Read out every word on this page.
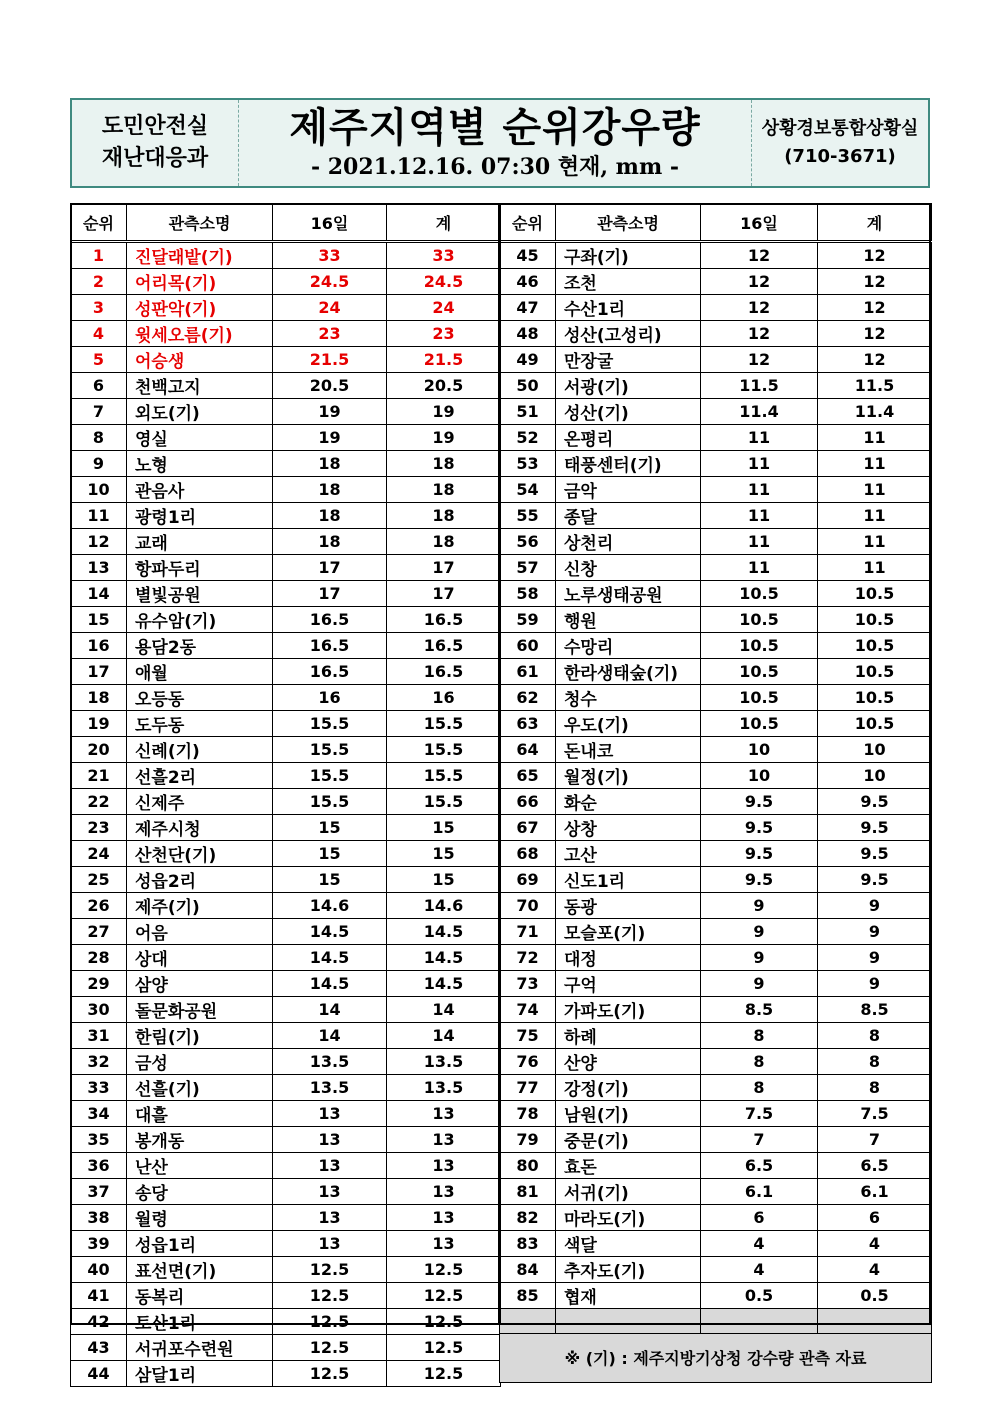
도민안전실
재난대응과
제주지역별 순위강우량
- 2021.12.16. 07:30 현재, mm -
상황경보통합상황실
(710-3671)
순위	관측소명	16일	계
1	진달래밭(기)	33	33
2	어리목(기)	24.5	24.5
3	성판악(기)	24	24
4	윗세오름(기)	23	23
5	어승생	21.5	21.5
6	천백고지	20.5	20.5
7	외도(기)	19	19
8	영실	19	19
9	노형	18	18
10	관음사	18	18
11	광령1리	18	18
12	교래	18	18
13	항파두리	17	17
14	별빛공원	17	17
15	유수암(기)	16.5	16.5
16	용담2동	16.5	16.5
17	애월	16.5	16.5
18	오등동	16	16
19	도두동	15.5	15.5
20	신례(기)	15.5	15.5
21	선흘2리	15.5	15.5
22	신제주	15.5	15.5
23	제주시청	15	15
24	산천단(기)	15	15
25	성읍2리	15	15
26	제주(기)	14.6	14.6
27	어음	14.5	14.5
28	상대	14.5	14.5
29	삼양	14.5	14.5
30	돌문화공원	14	14
31	한림(기)	14	14
32	금성	13.5	13.5
33	선흘(기)	13.5	13.5
34	대흘	13	13
35	봉개동	13	13
36	난산	13	13
37	송당	13	13
38	월령	13	13
39	성읍1리	13	13
40	표선면(기)	12.5	12.5
41	동복리	12.5	12.5
42	토산1리	12.5	12.5
43	서귀포수련원	12.5	12.5
44	삼달1리	12.5	12.5
순위	관측소명	16일	계
45	구좌(기)	12	12
46	조천	12	12
47	수산1리	12	12
48	성산(고성리)	12	12
49	만장굴	12	12
50	서광(기)	11.5	11.5
51	성산(기)	11.4	11.4
52	온평리	11	11
53	태풍센터(기)	11	11
54	금악	11	11
55	종달	11	11
56	상천리	11	11
57	신창	11	11
58	노루생태공원	10.5	10.5
59	행원	10.5	10.5
60	수망리	10.5	10.5
61	한라생태숲(기)	10.5	10.5
62	청수	10.5	10.5
63	우도(기)	10.5	10.5
64	돈내코	10	10
65	월정(기)	10	10
66	화순	9.5	9.5
67	상창	9.5	9.5
68	고산	9.5	9.5
69	신도1리	9.5	9.5
70	동광	9	9
71	모슬포(기)	9	9
72	대정	9	9
73	구억	9	9
74	가파도(기)	8.5	8.5
75	하례	8	8
76	산양	8	8
77	강정(기)	8	8
78	남원(기)	7.5	7.5
79	중문(기)	7	7
80	효돈	6.5	6.5
81	서귀(기)	6.1	6.1
82	마라도(기)	6	6
83	색달	4	4
84	추자도(기)	4	4
85	협재	0.5	0.5

※ (기) : 제주지방기상청 강수량 관측 자료			
